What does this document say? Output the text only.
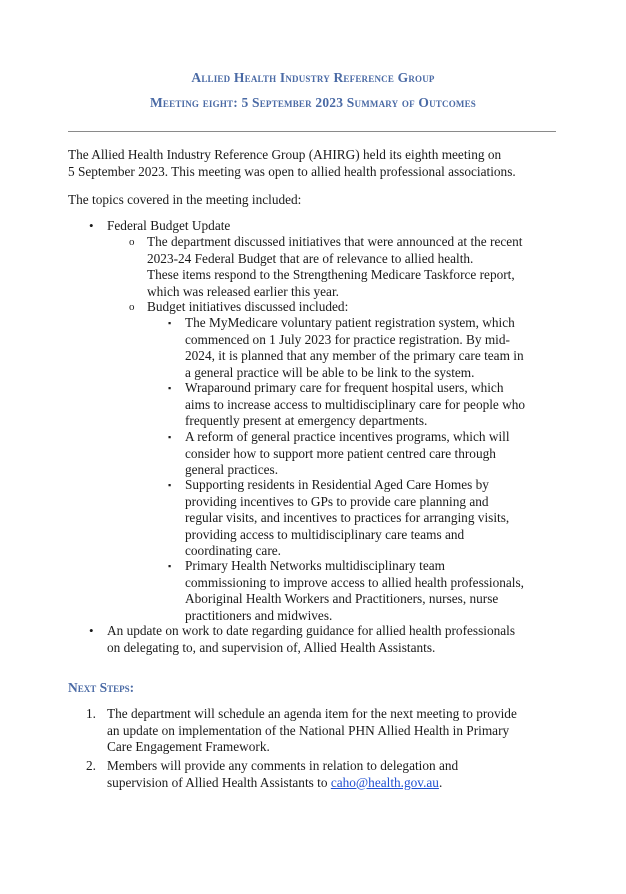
Allied Health Industry Reference Group
Meeting eight: 5 September 2023 Summary of Outcomes
The Allied Health Industry Reference Group (AHIRG) held its eighth meeting on
5 September 2023. This meeting was open to allied health professional associations.
The topics covered in the meeting included:
• Federal Budget Update
o The department discussed initiatives that were announced at the recent
2023-24 Federal Budget that are of relevance to allied health.
These items respond to the Strengthening Medicare Taskforce report,
which was released earlier this year.
o Budget initiatives discussed included:
▪ The MyMedicare voluntary patient registration system, which
commenced on 1 July 2023 for practice registration. By mid-
2024, it is planned that any member of the primary care team in
a general practice will be able to be link to the system.
▪ Wraparound primary care for frequent hospital users, which
aims to increase access to multidisciplinary care for people who
frequently present at emergency departments.
▪ A reform of general practice incentives programs, which will
consider how to support more patient centred care through
general practices.
▪ Supporting residents in Residential Aged Care Homes by
providing incentives to GPs to provide care planning and
regular visits, and incentives to practices for arranging visits,
providing access to multidisciplinary care teams and
coordinating care.
▪ Primary Health Networks multidisciplinary team
commissioning to improve access to allied health professionals,
Aboriginal Health Workers and Practitioners, nurses, nurse
practitioners and midwives.
• An update on work to date regarding guidance for allied health professionals
on delegating to, and supervision of, Allied Health Assistants.
Next Steps:
1. The department will schedule an agenda item for the next meeting to provide
an update on implementation of the National PHN Allied Health in Primary
Care Engagement Framework.
2. Members will provide any comments in relation to delegation and
supervision of Allied Health Assistants to caho@health.gov.au.
